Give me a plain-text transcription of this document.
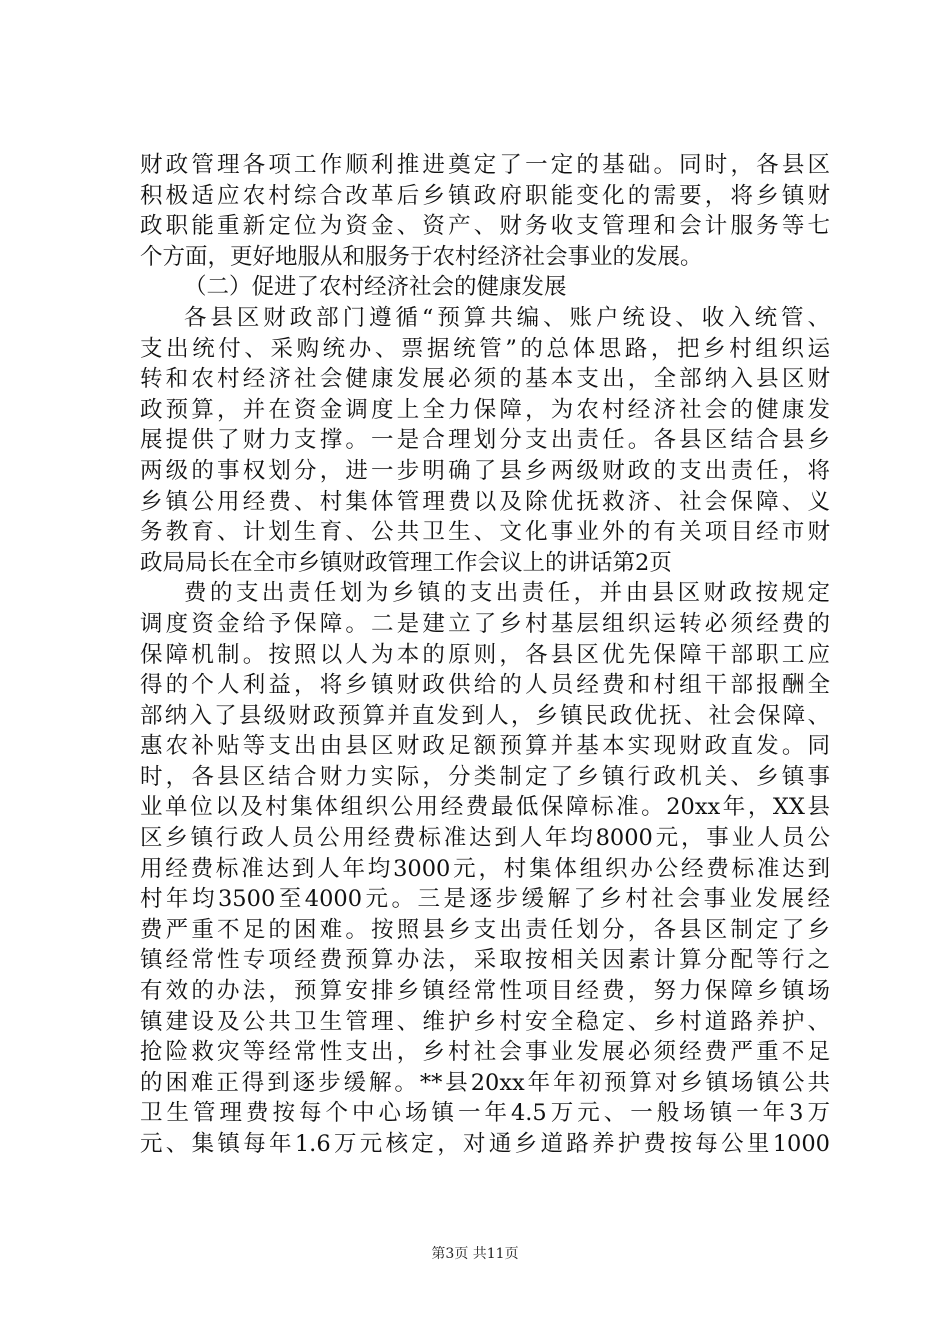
财政管理各项工作顺利推进奠定了一定的基础。同时，各县区
积极适应农村综合改革后乡镇政府职能变化的需要，将乡镇财
政职能重新定位为资金、资产、财务收支管理和会计服务等七
个方面，更好地服从和服务于农村经济社会事业的发展。
（二）促进了农村经济社会的健康发展
各县区财政部门遵循“预算共编、账户统设、收入统管、
支出统付、采购统办、票据统管”的总体思路，把乡村组织运
转和农村经济社会健康发展必须的基本支出，全部纳入县区财
政预算，并在资金调度上全力保障，为农村经济社会的健康发
展提供了财力支撑。一是合理划分支出责任。各县区结合县乡
两级的事权划分，进一步明确了县乡两级财政的支出责任，将
乡镇公用经费、村集体管理费以及除优抚救济、社会保障、义
务教育、计划生育、公共卫生、文化事业外的有关项目经市财
政局局长在全市乡镇财政管理工作会议上的讲话第2页
费的支出责任划为乡镇的支出责任，并由县区财政按规定
调度资金给予保障。二是建立了乡村基层组织运转必须经费的
保障机制。按照以人为本的原则，各县区优先保障干部职工应
得的个人利益，将乡镇财政供给的人员经费和村组干部报酬全
部纳入了县级财政预算并直发到人，乡镇民政优抚、社会保障、
惠农补贴等支出由县区财政足额预算并基本实现财政直发。同
时，各县区结合财力实际，分类制定了乡镇行政机关、乡镇事
业单位以及村集体组织公用经费最低保障标准。20xx年，XX县
区乡镇行政人员公用经费标准达到人年均8000元，事业人员公
用经费标准达到人年均3000元，村集体组织办公经费标准达到
村年均3500至4000元。三是逐步缓解了乡村社会事业发展经
费严重不足的困难。按照县乡支出责任划分，各县区制定了乡
镇经常性专项经费预算办法，采取按相关因素计算分配等行之
有效的办法，预算安排乡镇经常性项目经费，努力保障乡镇场
镇建设及公共卫生管理、维护乡村安全稳定、乡村道路养护、
抢险救灾等经常性支出，乡村社会事业发展必须经费严重不足
的困难正得到逐步缓解。**县20xx年年初预算对乡镇场镇公共
卫生管理费按每个中心场镇一年4.5万元、一般场镇一年3万
元、集镇每年1.6万元核定，对通乡道路养护费按每公里1000
第3页 共11页
